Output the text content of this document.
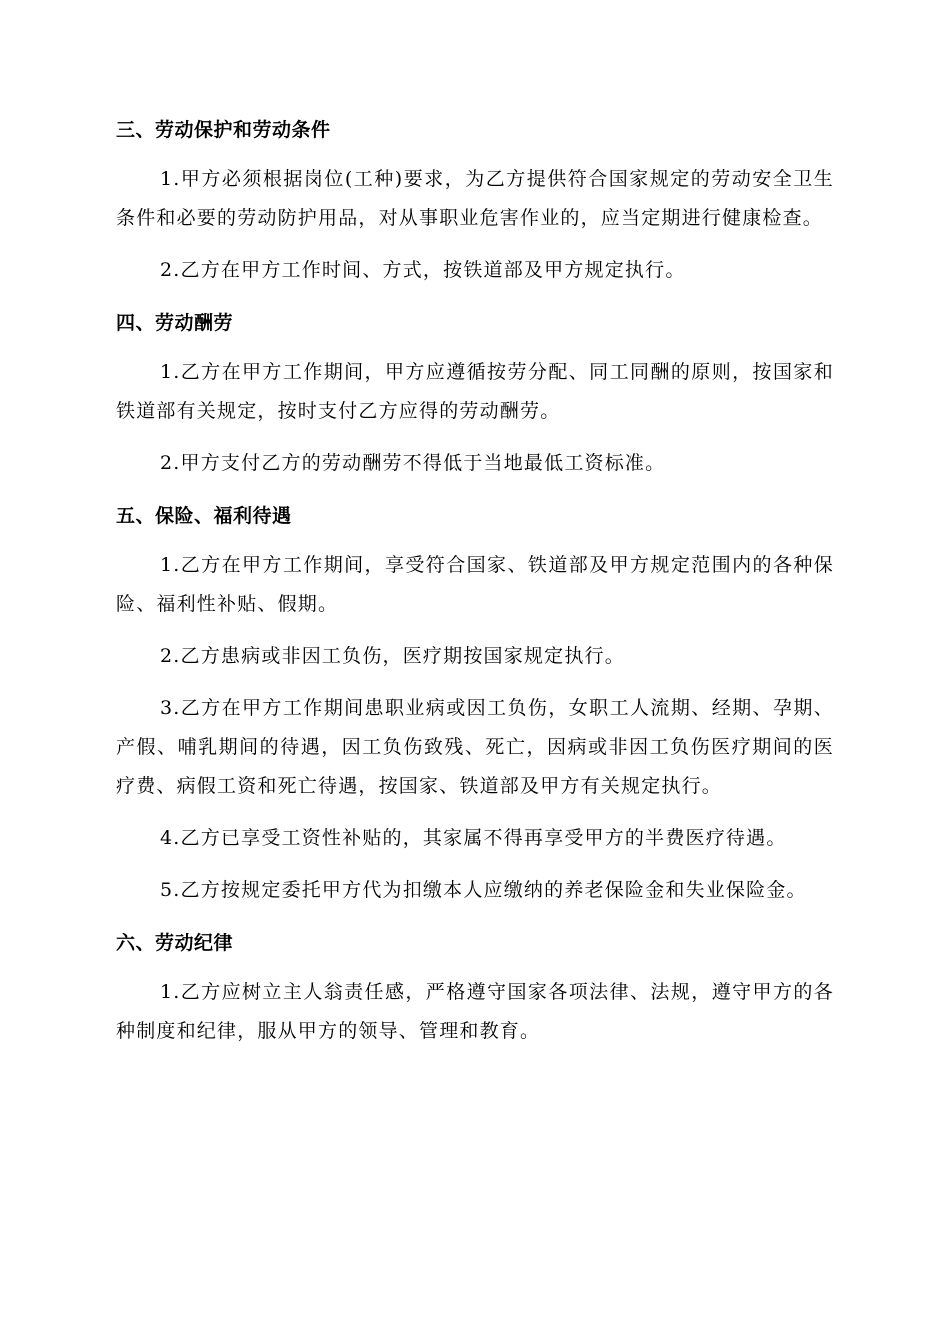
三、劳动保护和劳动条件

1.甲方必须根据岗位(工种)要求，为乙方提供符合国家规定的劳动安全卫生条件和必要的劳动防护用品，对从事职业危害作业的，应当定期进行健康检查。

2.乙方在甲方工作时间、方式，按铁道部及甲方规定执行。

四、劳动酬劳

1.乙方在甲方工作期间，甲方应遵循按劳分配、同工同酬的原则，按国家和铁道部有关规定，按时支付乙方应得的劳动酬劳。

2.甲方支付乙方的劳动酬劳不得低于当地最低工资标准。

五、保险、福利待遇

1.乙方在甲方工作期间，享受符合国家、铁道部及甲方规定范围内的各种保险、福利性补贴、假期。

2.乙方患病或非因工负伤，医疗期按国家规定执行。

3.乙方在甲方工作期间患职业病或因工负伤，女职工人流期、经期、孕期、产假、哺乳期间的待遇，因工负伤致残、死亡，因病或非因工负伤医疗期间的医疗费、病假工资和死亡待遇，按国家、铁道部及甲方有关规定执行。

4.乙方已享受工资性补贴的，其家属不得再享受甲方的半费医疗待遇。

5.乙方按规定委托甲方代为扣缴本人应缴纳的养老保险金和失业保险金。

六、劳动纪律

1.乙方应树立主人翁责任感，严格遵守国家各项法律、法规，遵守甲方的各种制度和纪律，服从甲方的领导、管理和教育。
